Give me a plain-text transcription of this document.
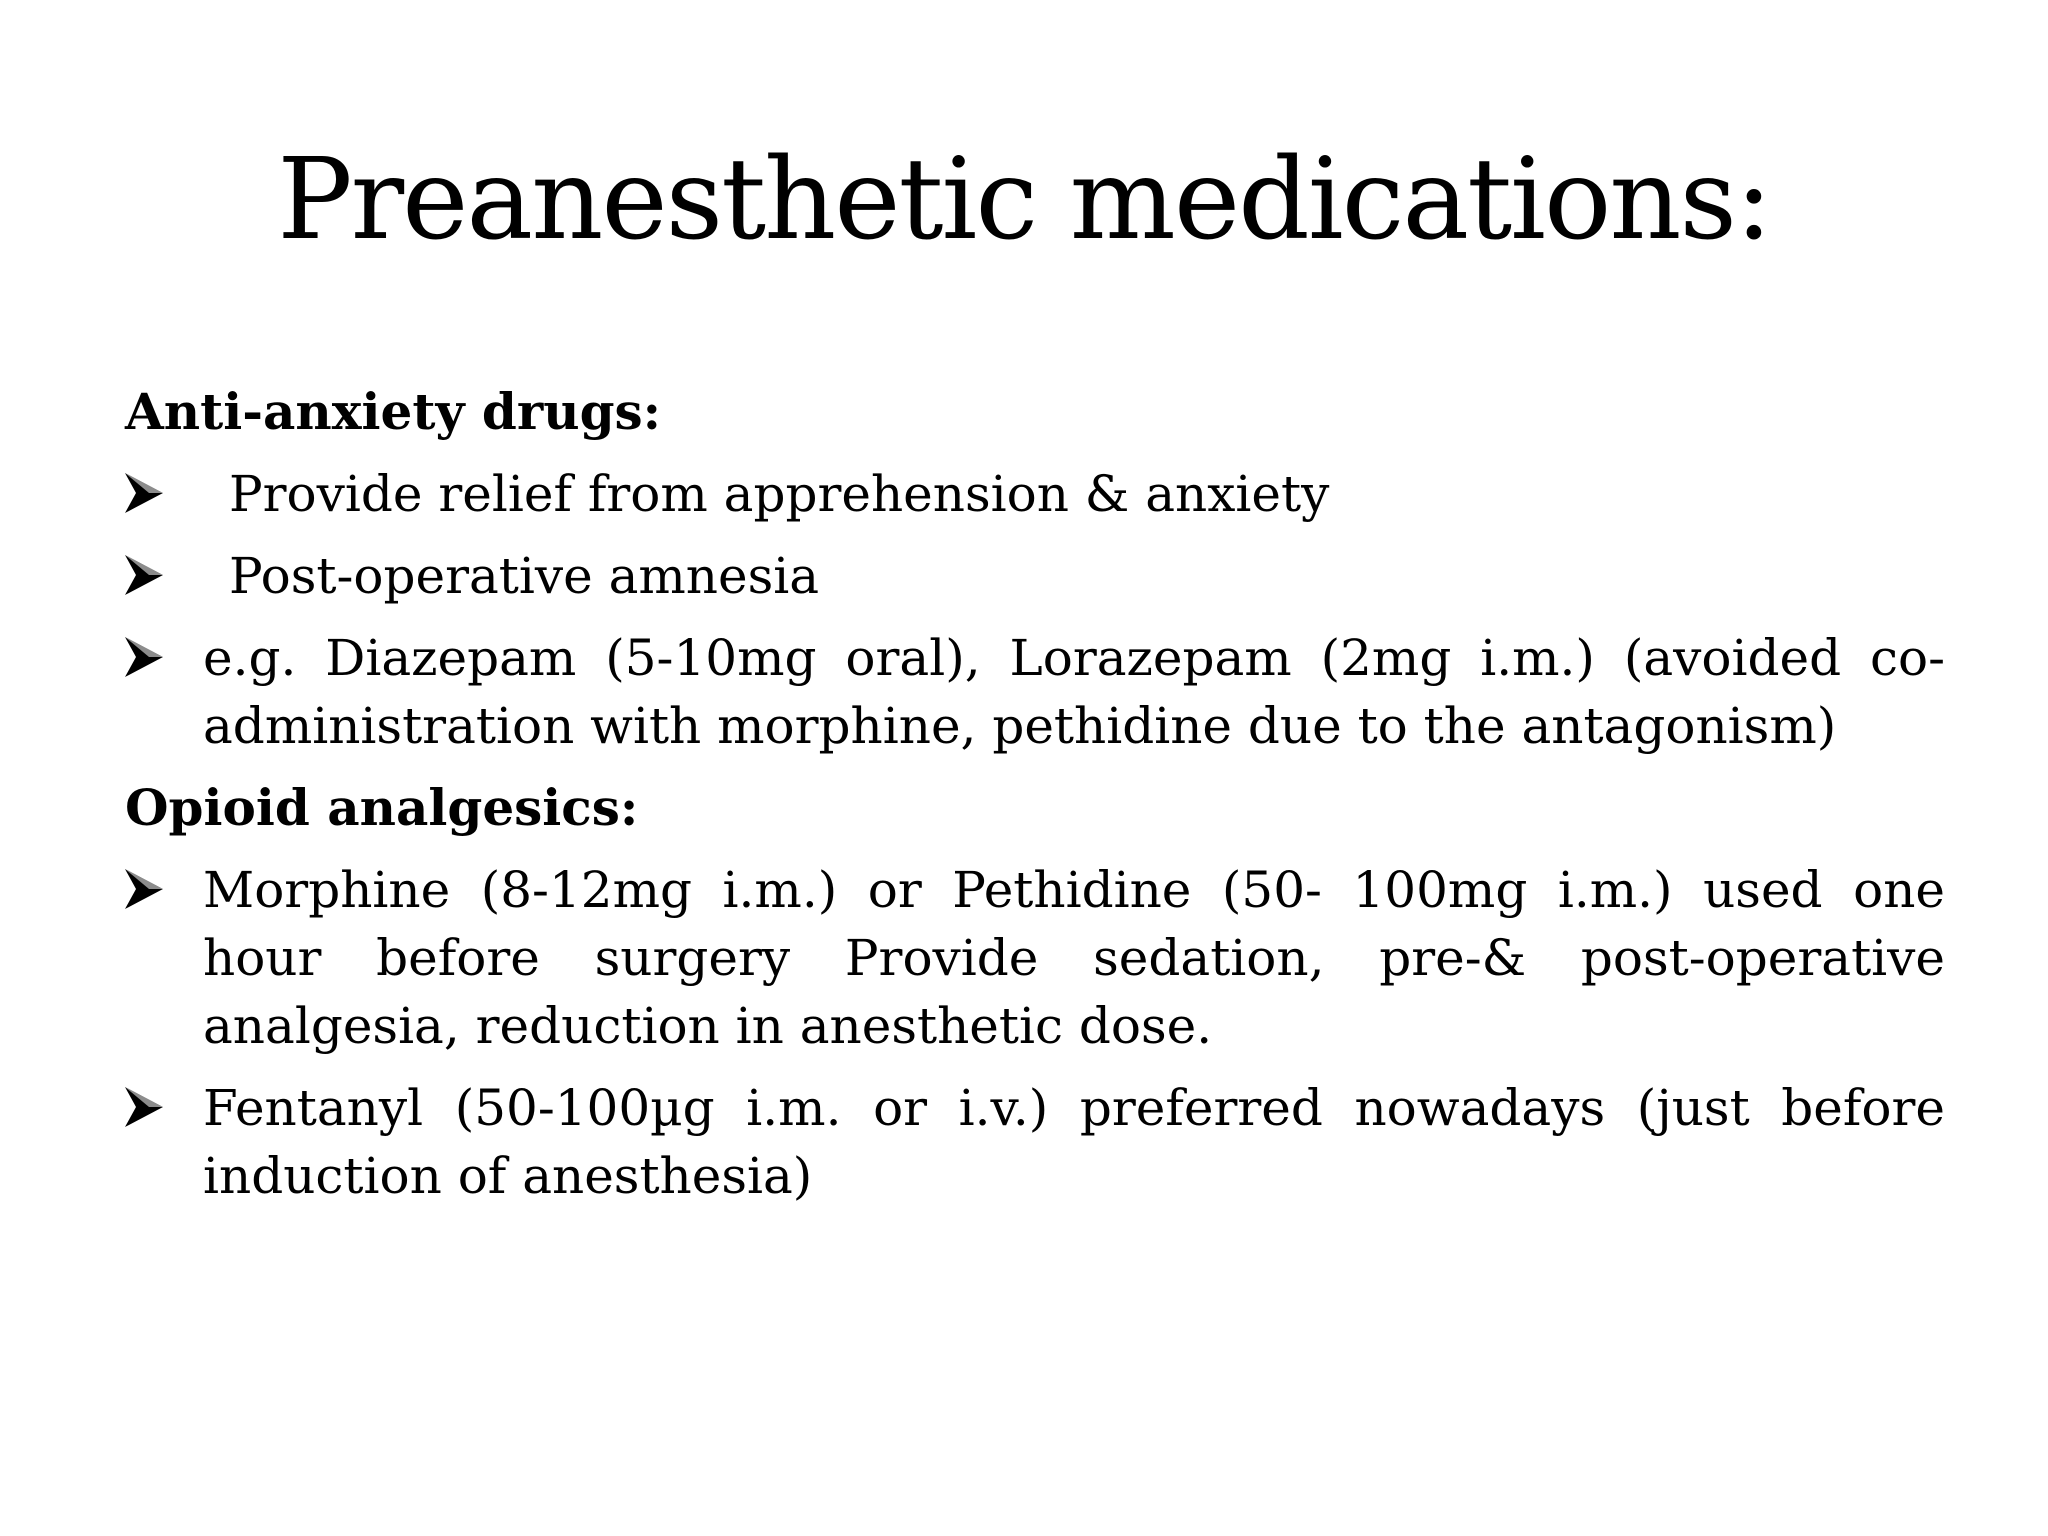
Preanesthetic medications:
Anti-anxiety drugs:
Provide relief from apprehension & anxiety
Post-operative amnesia
e.g. Diazepam (5-10mg oral), Lorazepam (2mg i.m.) (avoided co-administration with morphine, pethidine due to the antagonism)
Opioid analgesics:
Morphine (8-12mg i.m.) or Pethidine (50- 100mg i.m.) used one hour before surgery Provide sedation, pre-& post-operative analgesia, reduction in anesthetic dose.
Fentanyl (50-100µg i.m. or i.v.) preferred nowadays (just before induction of anesthesia)
